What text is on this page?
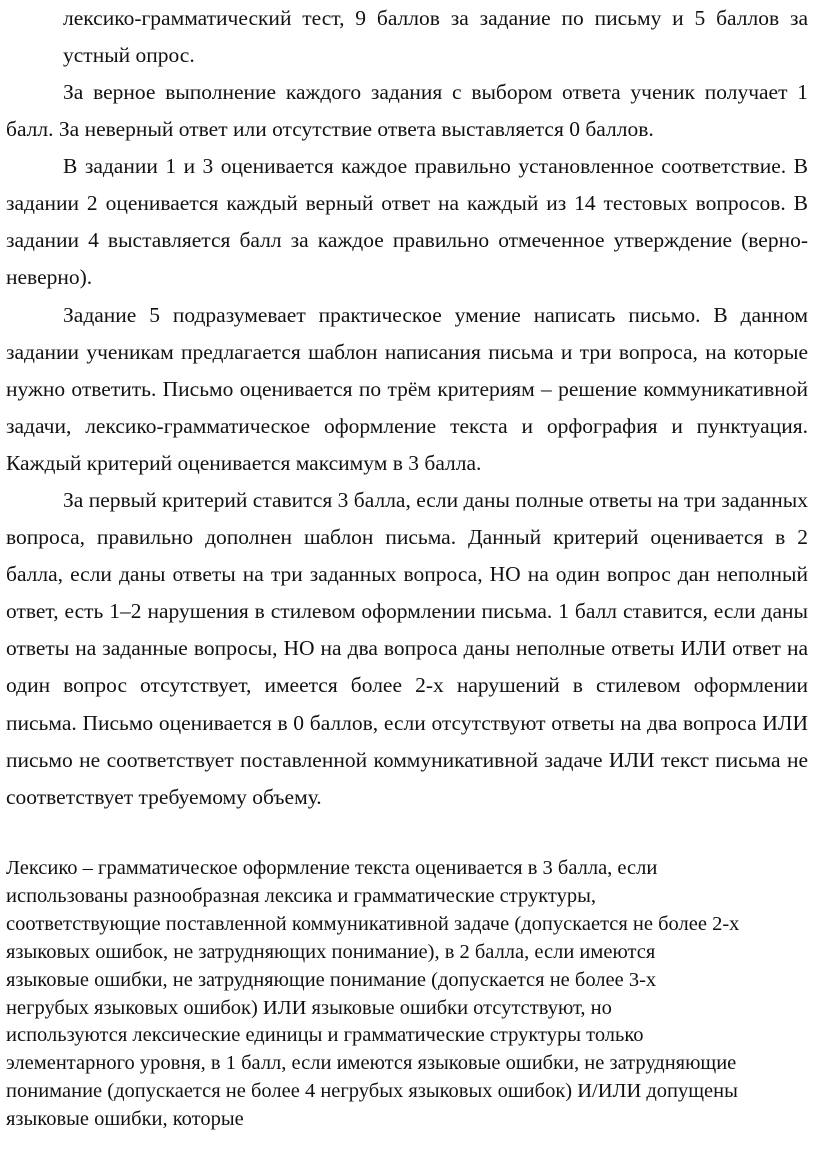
лексико-грамматический тест, 9 баллов за задание по письму и 5 баллов за устный опрос.

За верное выполнение каждого задания с выбором ответа ученик получает 1 балл. За неверный ответ или отсутствие ответа выставляется 0 баллов.

В задании 1 и 3 оценивается каждое правильно установленное соответствие. В задании 2 оценивается каждый верный ответ на каждый из 14 тестовых вопросов. В задании 4 выставляется балл за каждое правильно отмеченное утверждение (верно-неверно).

Задание 5 подразумевает практическое умение написать письмо. В данном задании ученикам предлагается шаблон написания письма и три вопроса, на которые нужно ответить. Письмо оценивается по трём критериям – решение коммуникативной задачи, лексико-грамматическое оформление текста и орфография и пунктуация. Каждый критерий оценивается максимум в 3 балла.

За первый критерий ставится 3 балла, если даны полные ответы на три заданных вопроса, правильно дополнен шаблон письма. Данный критерий оценивается в 2 балла, если даны ответы на три заданных вопроса, НО на один вопрос дан неполный ответ, есть 1–2 нарушения в стилевом оформлении письма. 1 балл ставится, если даны ответы на заданные вопросы, НО на два вопроса даны неполные ответы ИЛИ ответ на один вопрос отсутствует, имеется более 2-х нарушений в стилевом оформлении письма. Письмо оценивается в 0 баллов, если отсутствуют ответы на два вопроса ИЛИ письмо не соответствует поставленной коммуникативной задаче ИЛИ текст письма не соответствует требуемому объему.

Лексико – грамматическое оформление текста оценивается в 3 балла, если
использованы разнообразная лексика и грамматические структуры,
соответствующие поставленной коммуникативной задаче (допускается не более 2-х
языковых ошибок, не затрудняющих понимание), в 2 балла, если имеются
языковые ошибки, не затрудняющие понимание (допускается не более 3-х
негрубых языковых ошибок) ИЛИ языковые ошибки отсутствуют, но
используются лексические единицы и грамматические структуры только
элементарного уровня, в 1 балл, если имеются языковые ошибки, не затрудняющие
понимание (допускается не более 4 негрубых языковых ошибок) И/ИЛИ допущены
языковые ошибки, которые
